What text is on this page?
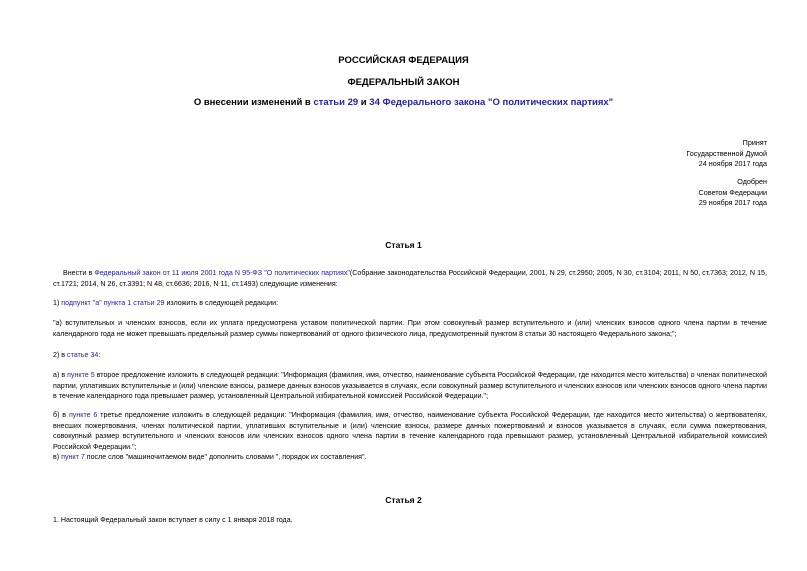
РОССИЙСКАЯ ФЕДЕРАЦИЯ
ФЕДЕРАЛЬНЫЙ ЗАКОН
О внесении изменений в статьи 29 и 34 Федерального закона "О политических партиях"
Принят
Государственной Думой
24 ноября 2017 года
Одобрен
Советом Федерации
29 ноября 2017 года
Статья 1
Внести в Федеральный закон от 11 июля 2001 года N 95-ФЗ "О политических партиях"(Собрание законодательства Российской Федерации, 2001, N 29, ст.2950; 2005, N 30, ст.3104; 2011, N 50, ст.7363; 2012, N 15, ст.1721; 2014, N 26, ст.3391; N 48, ст.6636; 2016, N 11, ст.1493) следующие изменения:
1) подпункт "а" пункта 1 статьи 29 изложить в следующей редакции:
"а) вступительных и членских взносов, если их уплата предусмотрена уставом политической партии. При этом совокупный размер вступительного и (или) членских взносов одного члена партии в течение календарного года не может превышать предельный размер суммы пожертвований от одного физического лица, предусмотренный пунктом 8 статьи 30 настоящего Федерального закона;";
2) в статье 34:
а) в пункте 5 второе предложение изложить в следующей редакции: "Информация (фамилия, имя, отчество, наименование субъекта Российской Федерации, где находится место жительства) о членах политической партии, уплативших вступительные и (или) членские взносы, размере данных взносов указывается в случаях, если совокупный размер вступительного и членских взносов или членских взносов одного члена партии в течение календарного года превышает размер, установленный Центральной избирательной комиссией Российской Федерации.";
б) в пункте 6 третье предложение изложить в следующей редакции: "Информация (фамилия, имя, отчество, наименование субъекта Российской Федерации, где находится место жительства) о жертвователях, внесших пожертвования, членах политической партии, уплативших вступительные и (или) членские взносы, размере данных пожертвований и взносов указывается в случаях, если сумма пожертвования, совокупный размер вступительного и членских взносов или членских взносов одного члена партии в течение календарного года превышают размер, установленный Центральной избирательной комиссией Российской Федерации.";
в) пункт 7 после слов "машиночитаемом виде" дополнить словами ", порядок их составления".
Статья 2
1. Настоящий Федеральный закон вступает в силу с 1 января 2018 года.
